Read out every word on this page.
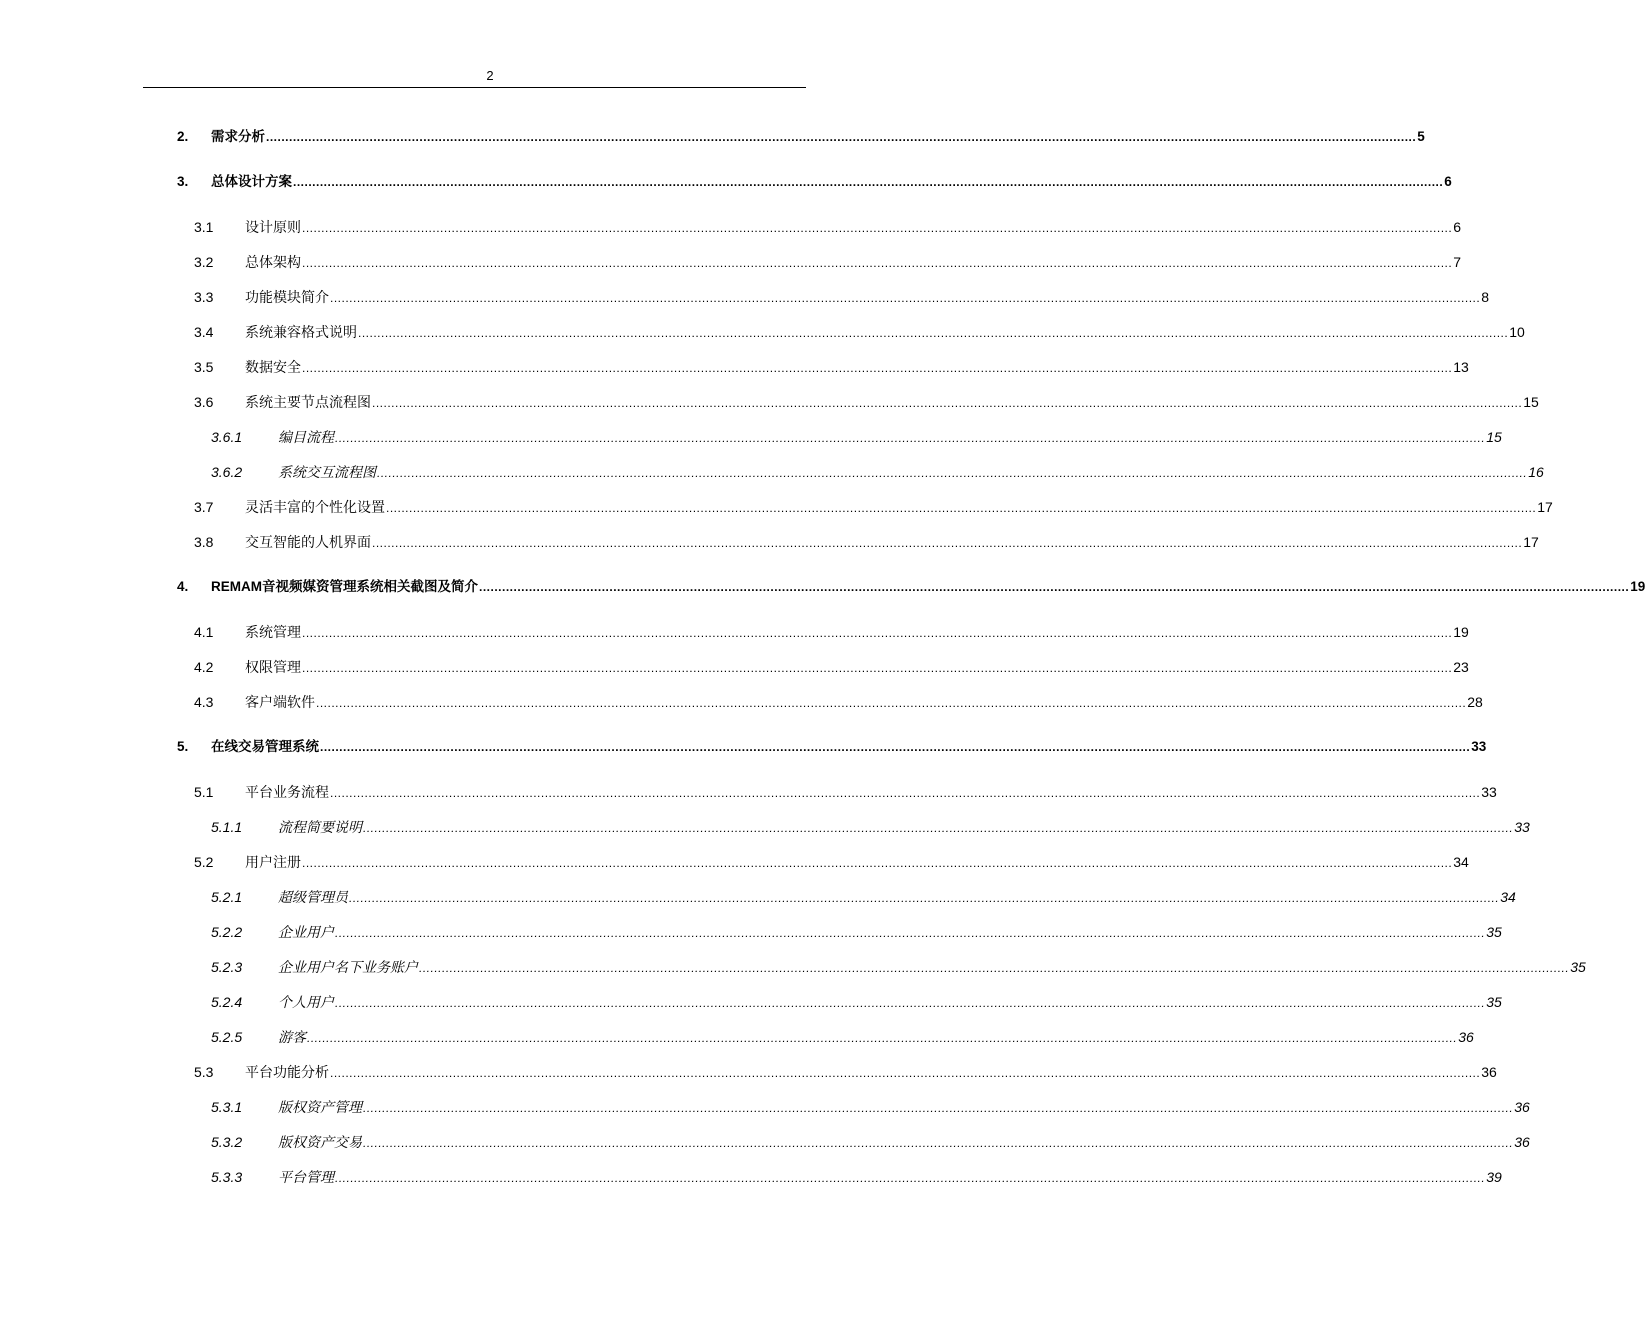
2
2.	需求分析 ............................................................................................................................................................................................................................................................................................................ 5
3.	总体设计方案 ............................................................................................................................................................................................................................................................................................................ 6
3.1	设计原则 ............................................................................................................................................................................................................................................................................................................ 6
3.2	总体架构 ............................................................................................................................................................................................................................................................................................................ 7
3.3	功能模块简介 ............................................................................................................................................................................................................................................................................................................ 8
3.4	系统兼容格式说明 ............................................................................................................................................................................................................................................................................................................ 10
3.5	数据安全 ............................................................................................................................................................................................................................................................................................................ 13
3.6	系统主要节点流程图 ............................................................................................................................................................................................................................................................................................................ 15
3.6.1	编目流程 ............................................................................................................................................................................................................................................................................................................ 15
3.6.2	系统交互流程图 ............................................................................................................................................................................................................................................................................................................ 16
3.7	灵活丰富的个性化设置 ............................................................................................................................................................................................................................................................................................................ 17
3.8	交互智能的人机界面 ............................................................................................................................................................................................................................................................................................................ 17
4.	REMAM音视频媒资管理系统相关截图及简介 ............................................................................................................................................................................................................................................................................................................ 19
4.1	系统管理 ............................................................................................................................................................................................................................................................................................................ 19
4.2	权限管理 ............................................................................................................................................................................................................................................................................................................ 23
4.3	客户端软件 ............................................................................................................................................................................................................................................................................................................ 28
5.	在线交易管理系统 ............................................................................................................................................................................................................................................................................................................ 33
5.1	平台业务流程 ............................................................................................................................................................................................................................................................................................................ 33
5.1.1	流程简要说明 ............................................................................................................................................................................................................................................................................................................ 33
5.2	用户注册 ............................................................................................................................................................................................................................................................................................................ 34
5.2.1	超级管理员 ............................................................................................................................................................................................................................................................................................................ 34
5.2.2	企业用户 ............................................................................................................................................................................................................................................................................................................ 35
5.2.3	企业用户名下业务账户 ............................................................................................................................................................................................................................................................................................................ 35
5.2.4	个人用户 ............................................................................................................................................................................................................................................................................................................ 35
5.2.5	游客 ............................................................................................................................................................................................................................................................................................................ 36
5.3	平台功能分析 ............................................................................................................................................................................................................................................................................................................ 36
5.3.1	版权资产管理 ............................................................................................................................................................................................................................................................................................................ 36
5.3.2	版权资产交易 ............................................................................................................................................................................................................................................................................................................ 36
5.3.3	平台管理 ............................................................................................................................................................................................................................................................................................................ 39
